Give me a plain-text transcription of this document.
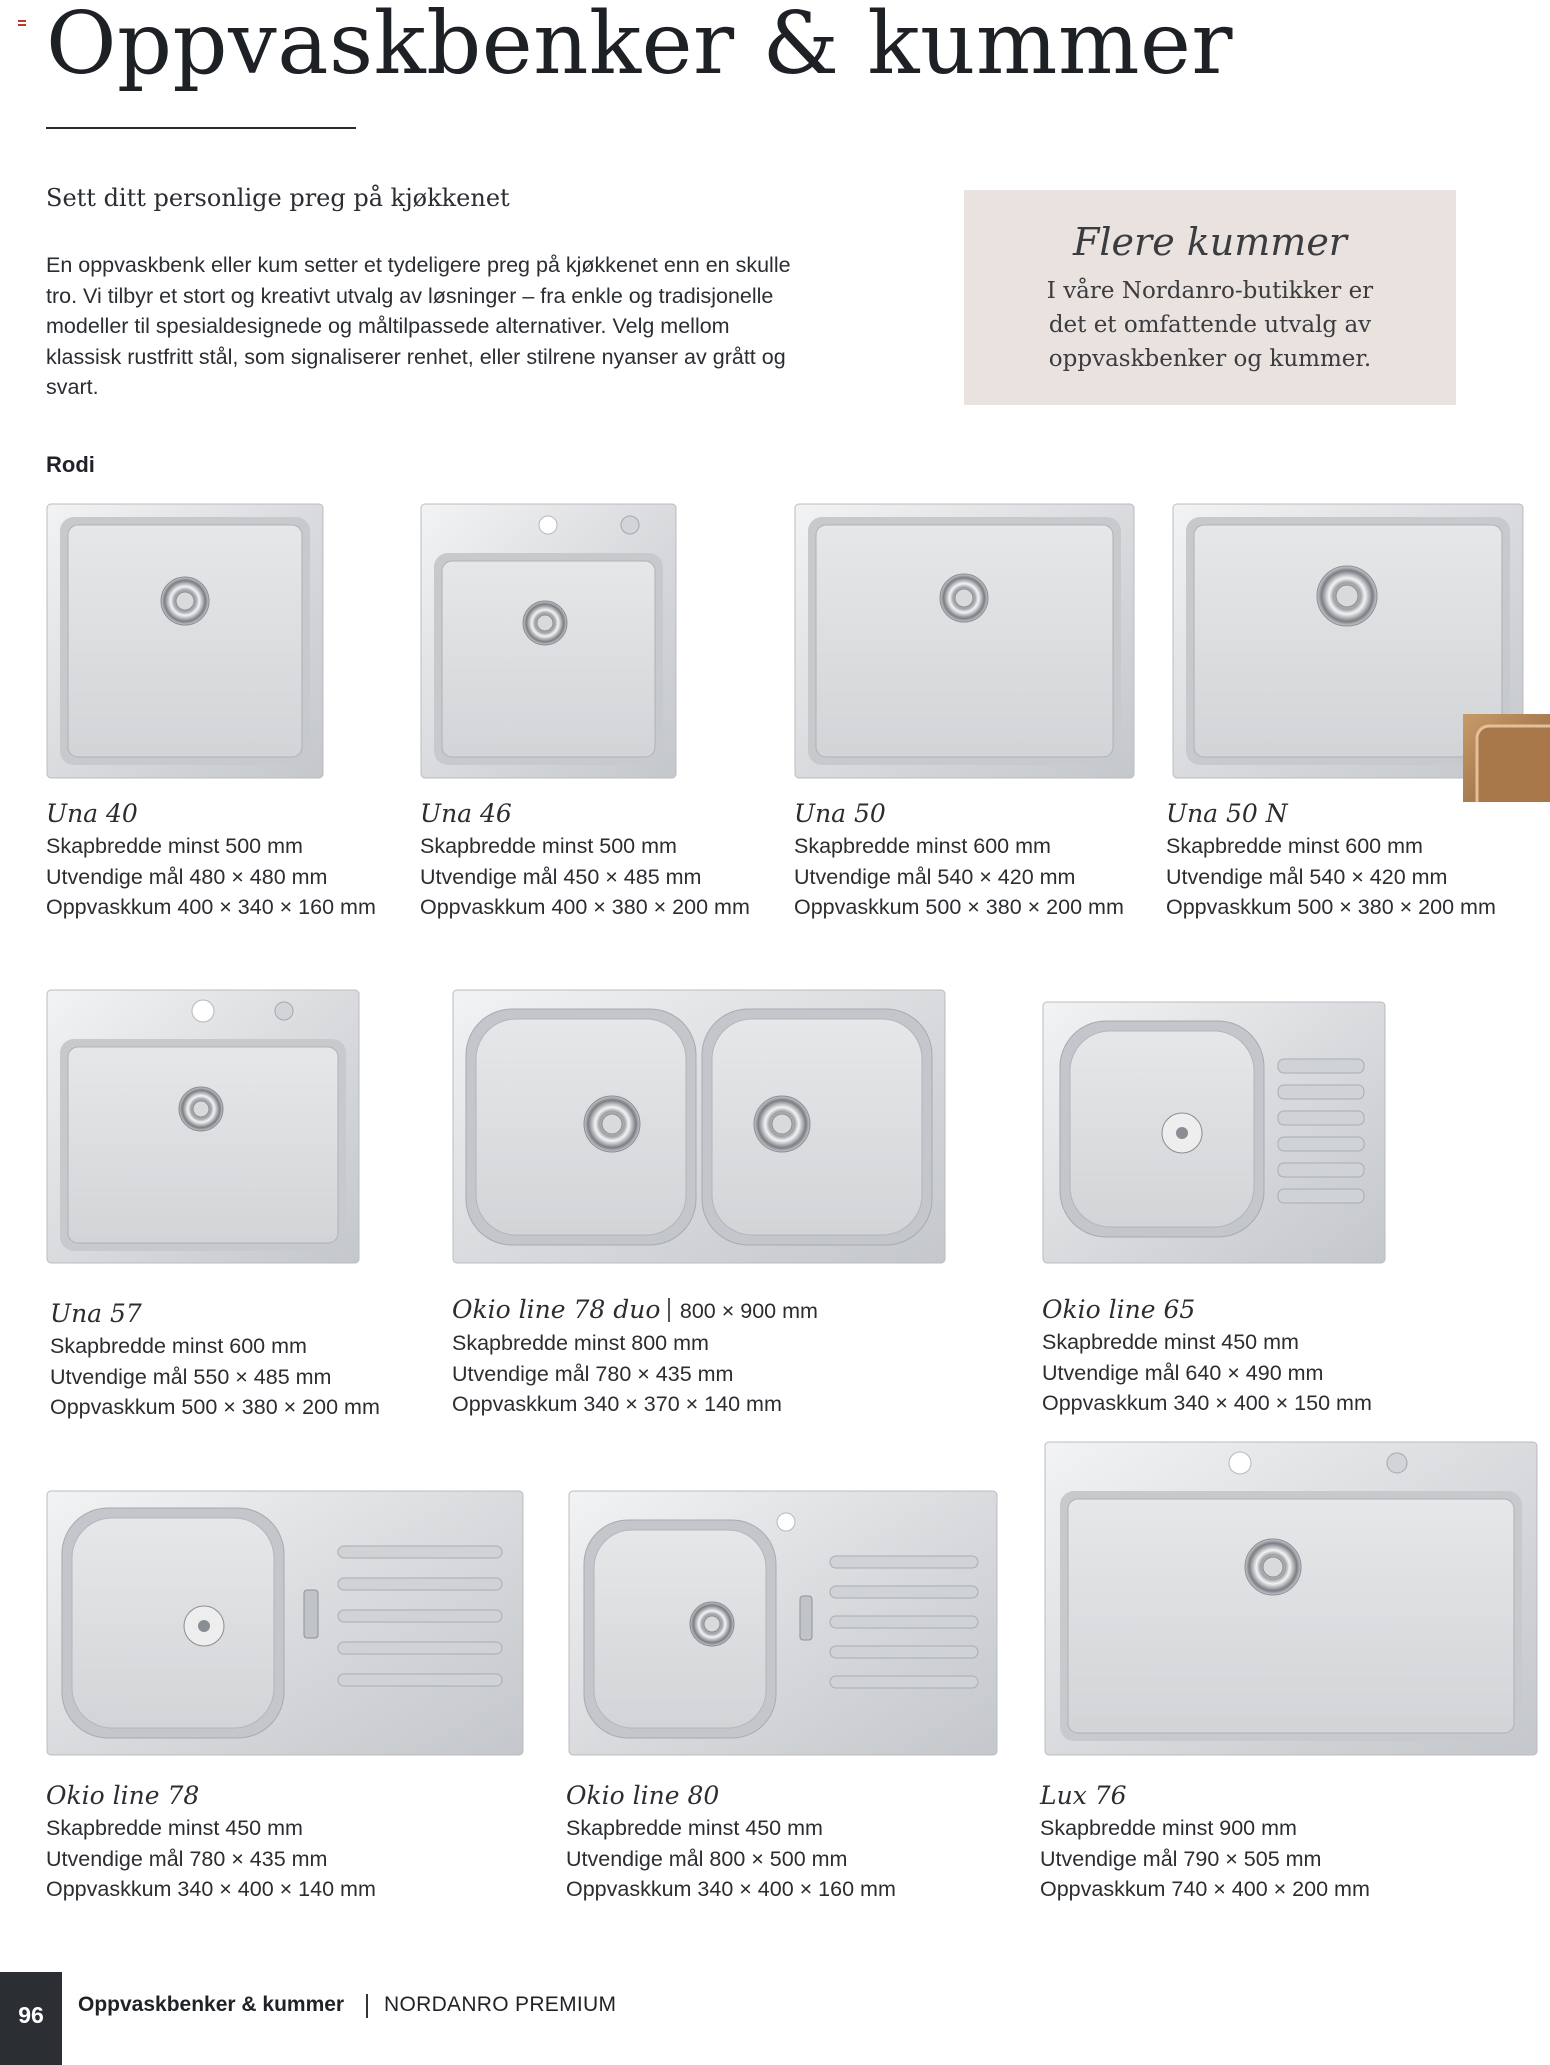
Oppvaskbenker & kummer

Sett ditt personlige preg på kjøkkenet

En oppvaskbenk eller kum setter et tydeligere preg på kjøkkenet enn en skulle tro. Vi tilbyr et stort og kreativt utvalg av løsninger – fra enkle og tradisjonelle modeller til spesialdesignede og måltilpassede alternativer. Velg mellom klassisk rustfritt stål, som signaliserer renhet, eller stilrene nyanser av grått og svart.

Flere kummer
I våre Nordanro-butikker er det et omfattende utvalg av oppvaskbenker og kummer.
Rodi
Una 40
Skapbredde minst 500 mm
Utvendige mål 480 × 480 mm
Oppvaskkum 400 × 340 × 160 mm
Una 46
Skapbredde minst 500 mm
Utvendige mål 450 × 485 mm
Oppvaskkum 400 × 380 × 200 mm
Una 50
Skapbredde minst 600 mm
Utvendige mål 540 × 420 mm
Oppvaskkum 500 × 380 × 200 mm
Una 50 N
Skapbredde minst 600 mm
Utvendige mål 540 × 420 mm
Oppvaskkum 500 × 380 × 200 mm
Una 57
Skapbredde minst 600 mm
Utvendige mål 550 × 485 mm
Oppvaskkum 500 × 380 × 200 mm
Okio line 78 duo 800 × 900 mm
Skapbredde minst 800 mm
Utvendige mål 780 × 435 mm
Oppvaskkum 340 × 370 × 140 mm
Okio line 65
Skapbredde minst 450 mm
Utvendige mål 640 × 490 mm
Oppvaskkum 340 × 400 × 150 mm
Okio line 78
Skapbredde minst 450 mm
Utvendige mål 780 × 435 mm
Oppvaskkum 340 × 400 × 140 mm
Okio line 80
Skapbredde minst 450 mm
Utvendige mål 800 × 500 mm
Oppvaskkum 340 × 400 × 160 mm
Lux 76
Skapbredde minst 900 mm
Utvendige mål 790 × 505 mm
Oppvaskkum 740 × 400 × 200 mm
96	Oppvaskbenker & kummer NORDANRO PREMIUM
